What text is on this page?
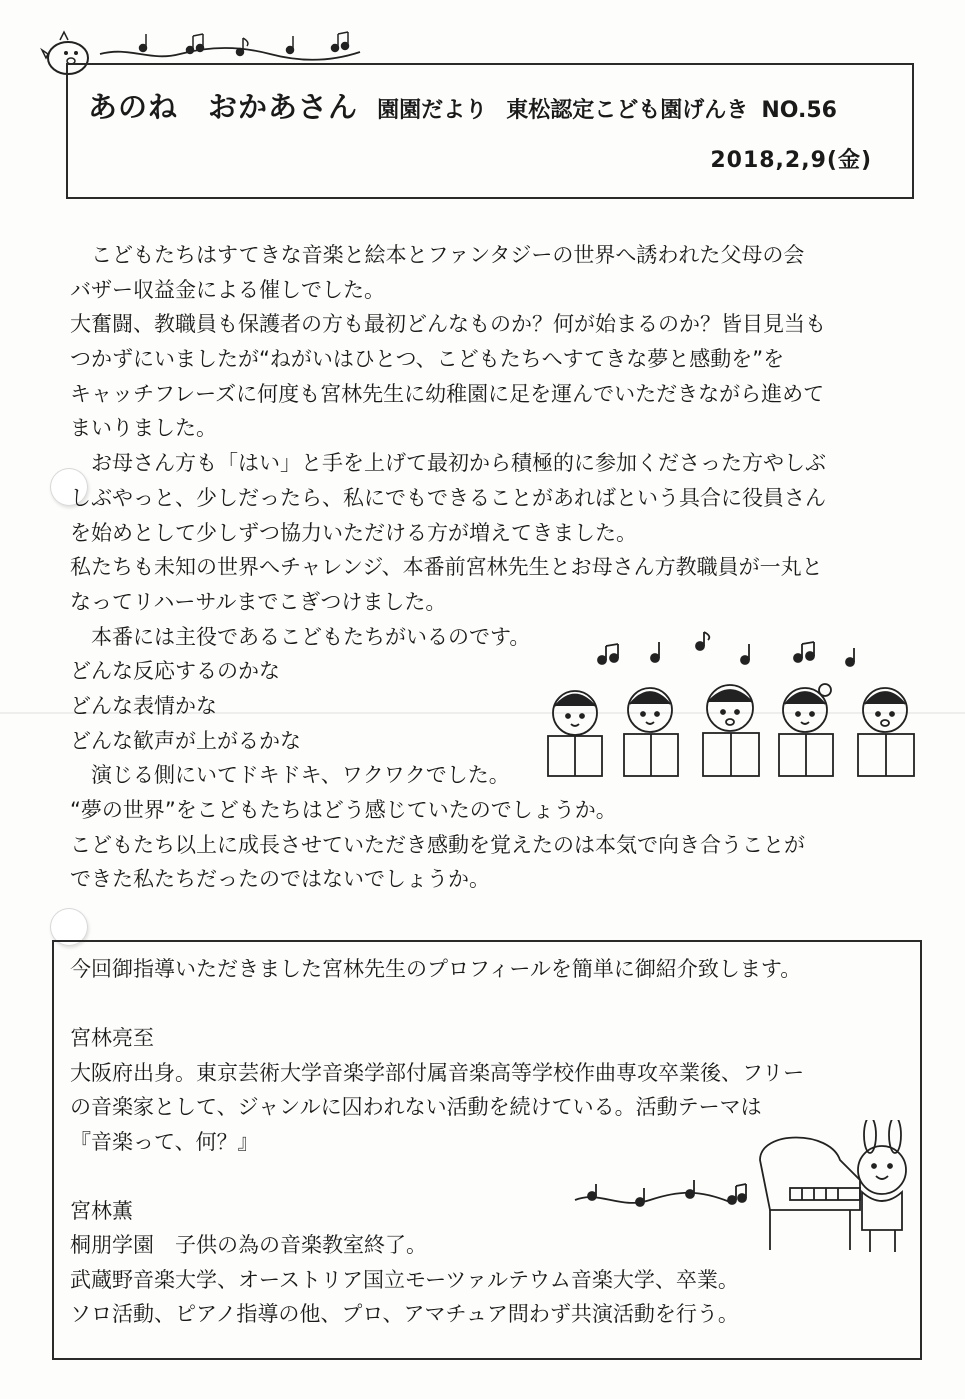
あのね　おかあさん 園園だより 東松認定こども園げんき NO.56
2018,2,9(金)
　こどもたちはすてきな音楽と絵本とファンタジーの世界へ誘われた父母の会
バザー収益金による催しでした。
大奮闘、教職員も保護者の方も最初どんなものか？何が始まるのか？皆目見当も
つかずにいましたが“ねがいはひとつ、こどもたちへすてきな夢と感動を”を
キャッチフレーズに何度も宮林先生に幼稚園に足を運んでいただきながら進めて
まいりました。
　お母さん方も「はい」と手を上げて最初から積極的に参加くださった方やしぶ
しぶやっと、少しだったら、私にでもできることがあればという具合に役員さん
を始めとして少しずつ協力いただける方が増えてきました。
私たちも未知の世界へチャレンジ、本番前宮林先生とお母さん方教職員が一丸と
なってリハーサルまでこぎつけました。
　本番には主役であるこどもたちがいるのです。
どんな反応するのかな
どんな表情かな
どんな歓声が上がるかな
　演じる側にいてドキドキ、ワクワクでした。
“夢の世界”をこどもたちはどう感じていたのでしょうか。
こどもたち以上に成長させていただき感動を覚えたのは本気で向き合うことが
できた私たちだったのではないでしょうか。
今回御指導いただきました宮林先生のプロフィールを簡単に御紹介致します。
宮林亮至
大阪府出身。東京芸術大学音楽学部付属音楽高等学校作曲専攻卒業後、フリー
の音楽家として、ジャンルに囚われない活動を続けている。活動テーマは
『音楽って、何？』
宮林薫
桐朋学園　子供の為の音楽教室終了。
武蔵野音楽大学、オーストリア国立モーツァルテウム音楽大学、卒業。
ソロ活動、ピアノ指導の他、プロ、アマチュア問わず共演活動を行う。
